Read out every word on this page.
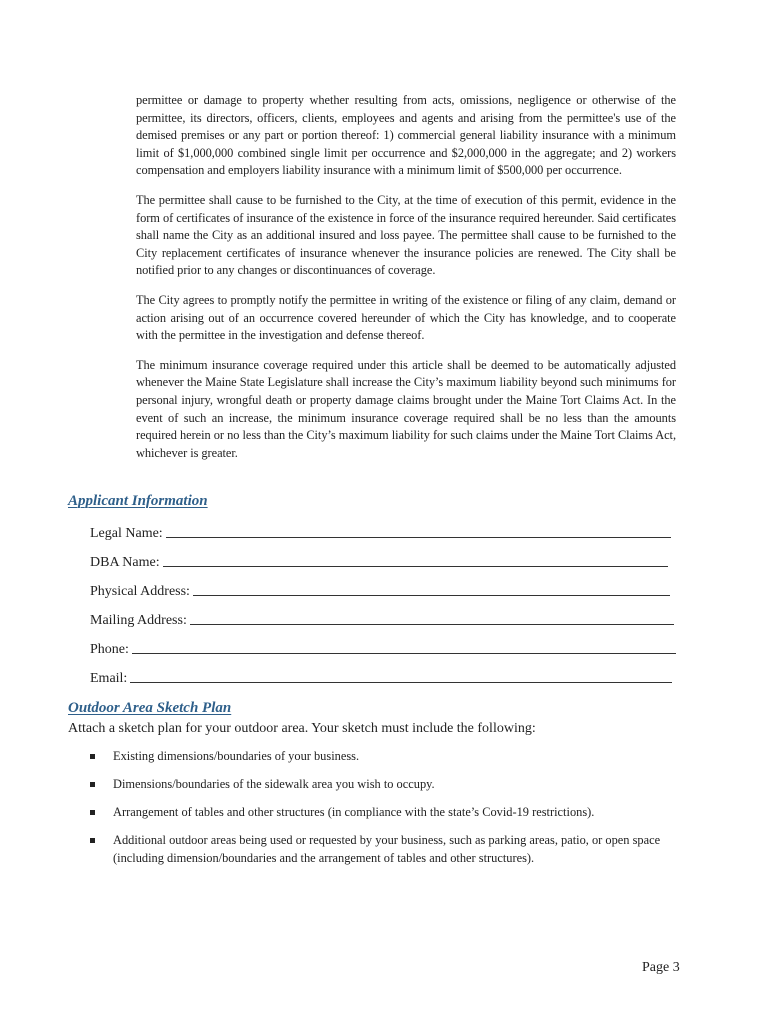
permittee or damage to property whether resulting from acts, omissions, negligence or otherwise of the permittee, its directors, officers, clients, employees and agents and arising from the permittee's use of the demised premises or any part or portion thereof: 1) commercial general liability insurance with a minimum limit of $1,000,000 combined single limit per occurrence and $2,000,000 in the aggregate; and 2) workers compensation and employers liability insurance with a minimum limit of $500,000 per occurrence.

The permittee shall cause to be furnished to the City, at the time of execution of this permit, evidence in the form of certificates of insurance of the existence in force of the insurance required hereunder. Said certificates shall name the City as an additional insured and loss payee. The permittee shall cause to be furnished to the City replacement certificates of insurance whenever the insurance policies are renewed. The City shall be notified prior to any changes or discontinuances of coverage.

The City agrees to promptly notify the permittee in writing of the existence or filing of any claim, demand or action arising out of an occurrence covered hereunder of which the City has knowledge, and to cooperate with the permittee in the investigation and defense thereof.

The minimum insurance coverage required under this article shall be deemed to be automatically adjusted whenever the Maine State Legislature shall increase the City’s maximum liability beyond such minimums for personal injury, wrongful death or property damage claims brought under the Maine Tort Claims Act. In the event of such an increase, the minimum insurance coverage required shall be no less than the amounts required herein or no less than the City’s maximum liability for such claims under the Maine Tort Claims Act, whichever is greater.

Applicant Information
Legal Name:
DBA Name:
Physical Address:
Mailing Address:
Phone:
Email:
Outdoor Area Sketch Plan
Attach a sketch plan for your outdoor area. Your sketch must include the following:
Existing dimensions/boundaries of your business.
Dimensions/boundaries of the sidewalk area you wish to occupy.
Arrangement of tables and other structures (in compliance with the state’s Covid-19 restrictions).
Additional outdoor areas being used or requested by your business, such as parking areas, patio, or open space (including dimension/boundaries and the arrangement of tables and other structures).
Page 3
